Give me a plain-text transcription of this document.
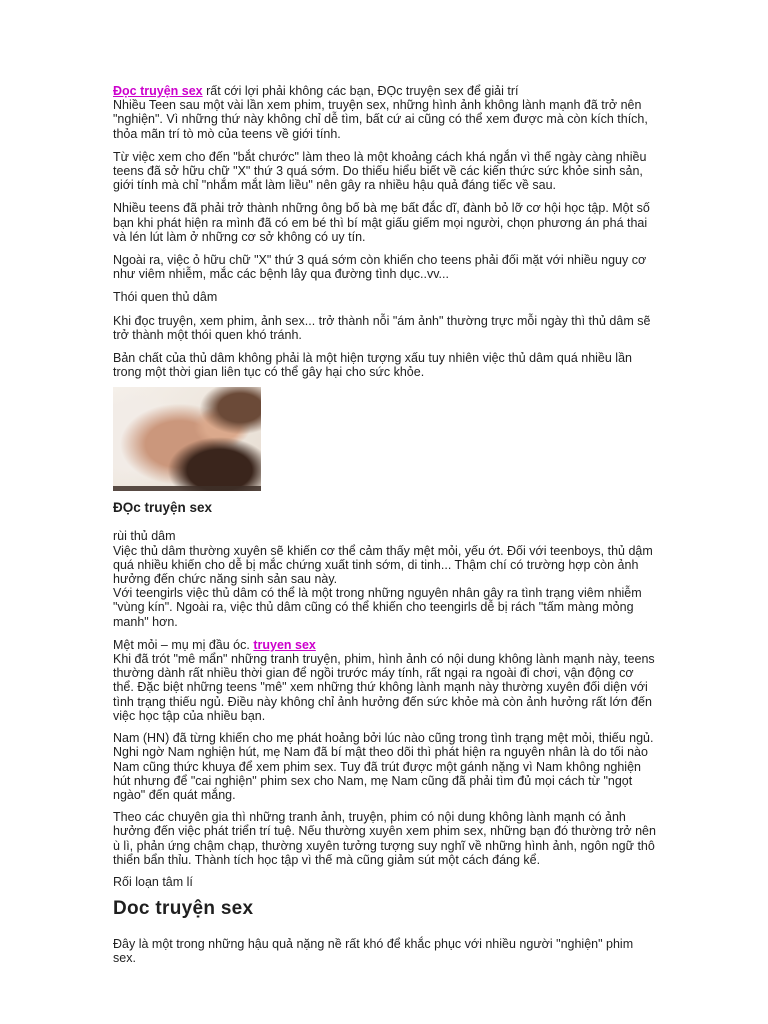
Đọc truyện sex rất cới lợi phải không các bạn, ĐỌc truyện sex để giải trí
Nhiều Teen sau một vài lần xem phim, truyện sex, những hình ảnh không lành mạnh đã trở nên "nghiện". Vì những thứ này không chỉ dễ tìm, bất cứ ai cũng có thể xem được mà còn kích thích, thỏa mãn trí tò mò của teens về giới tính.

Từ việc xem cho đến "bắt chước" làm theo là một khoảng cách khá ngắn vì thế ngày càng nhiều teens đã sở hữu chữ "X" thứ 3 quá sớm. Do thiếu hiểu biết về các kiến thức sức khỏe sinh sản, giới tính mà chỉ "nhắm mắt làm liều" nên gây ra nhiều hậu quả đáng tiếc về sau.

Nhiều teens đã phải trở thành những ông bố bà mẹ bất đắc dĩ, đành bỏ lỡ cơ hội học tập. Một số bạn khi phát hiện ra mình đã có em bé thì bí mật giấu giếm mọi người, chọn phương án phá thai và lén lút làm ở những cơ sở không có uy tín.

Ngoài ra, việc ỏ hữu chữ "X" thứ 3 quá sớm còn khiến cho teens phải đối mặt với nhiều nguy cơ như viêm nhiễm, mắc các bệnh lây qua đường tình dục..vv...

Thói quen thủ dâm

Khi đọc truyện, xem phim, ảnh sex... trở thành nỗi "ám ảnh" thường trực mỗi ngày thì thủ dâm sẽ trở thành một thói quen khó tránh.

Bản chất của thủ dâm không phải là một hiện tượng xấu tuy nhiên việc thủ dâm quá nhiều lần trong một thời gian liên tục có thể gây hại cho sức khỏe.

ĐỌc truyện sex

rùi thủ dâm
Việc thủ dâm thường xuyên sẽ khiến cơ thể cảm thấy mệt mỏi, yếu ớt. Đối với teenboys, thủ dậm quá nhiều khiến cho dễ bị mắc chứng xuất tinh sớm, di tinh... Thậm chí có trường hợp còn ảnh hưởng đến chức năng sinh sản sau này.
Với teengirls việc thủ dâm có thể là một trong những nguyên nhân gây ra tình trạng viêm nhiễm "vùng kín". Ngoài ra, việc thủ dâm cũng có thể khiến cho teengirls dễ bị rách "tấm màng mỏng manh" hơn.

Mệt mỏi – mụ mị đầu óc. truyen sex
Khi đã trót "mê mẩn" những tranh truyện, phim, hình ảnh có nội dung không lành mạnh này, teens thường dành rất nhiều thời gian để ngồi trước máy tính, rất ngại ra ngoài đi chơi, vận động cơ thể. Đặc biệt những teens "mê" xem những thứ không lành mạnh này thường xuyên đối diện với tình trạng thiếu ngủ. Điều này không chỉ ảnh hưởng đến sức khỏe mà còn ảnh hưởng rất lớn đến việc học tập của nhiều bạn.

Nam (HN) đã từng khiến cho mẹ phát hoảng bởi lúc nào cũng trong tình trạng mệt mỏi, thiếu ngủ. Nghi ngờ Nam nghiện hút, mẹ Nam đã bí mật theo dõi thì phát hiện ra nguyên nhân là do tối nào Nam cũng thức khuya để xem phim sex. Tuy đã trút được một gánh nặng vì Nam không nghiện hút nhưng để "cai nghiện" phim sex cho Nam, mẹ Nam cũng đã phải tìm đủ mọi cách từ "ngọt ngào" đến quát mắng.

Theo các chuyên gia thì những tranh ảnh, truyện, phim có nội dung không lành mạnh có ảnh hưởng đến việc phát triển trí tuệ. Nếu thường xuyên xem phim sex, những bạn đó thường trở nên ù lì, phản ứng chậm chạp, thường xuyên tưởng tượng suy nghĩ về những hình ảnh, ngôn ngữ thô thiển bẩn thỉu. Thành tích học tập vì thế mà cũng giảm sút một cách đáng kể.

Rối loạn tâm lí

Doc truyện sex

Đây là một trong những hậu quả nặng nề rất khó để khắc phục với nhiều người "nghiện" phim sex.
